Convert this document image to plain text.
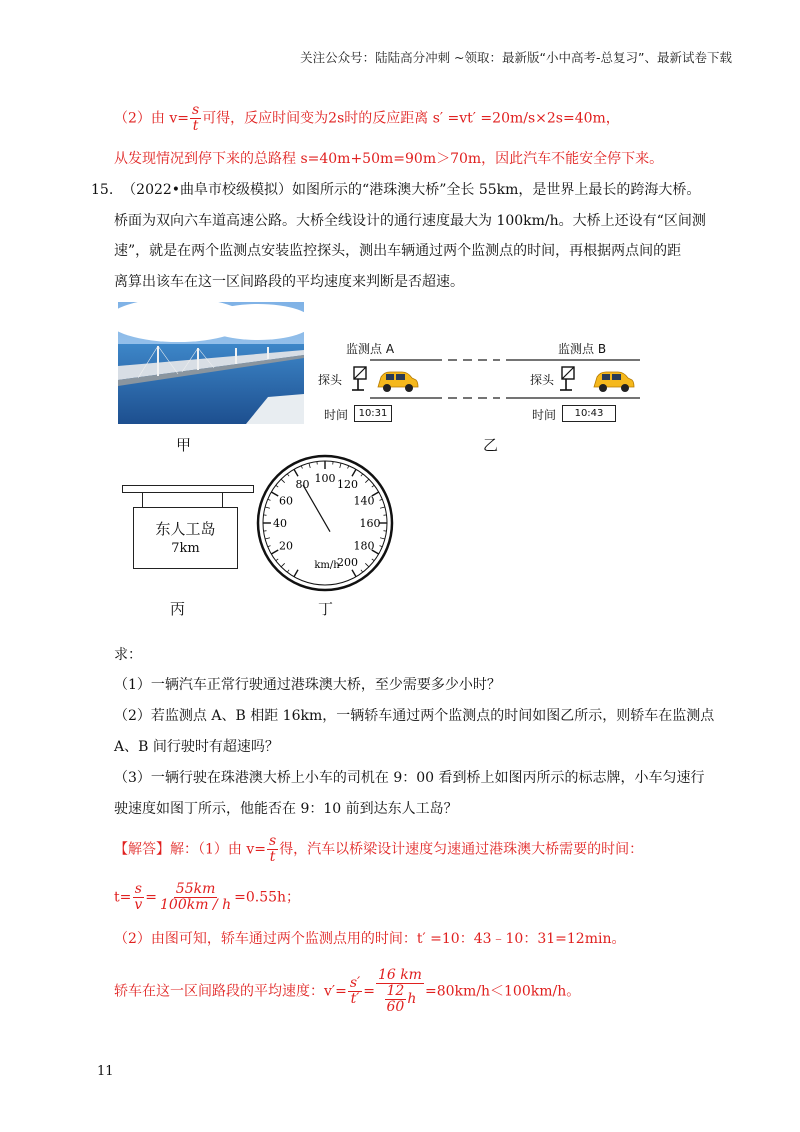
关注公众号：陆陆高分冲刺 ~领取：最新版“小中高考-总复习”、最新试卷下载
（2）由 $v= \frac{s}{t}$ 可得，反应时间变为2s时的反应距离 s′ =vt′ =20m/s×2s=40m，
从发现情况到停下来的总路程 s=40m+50m=90m＞70m，因此汽车不能安全停下来。
15. （2022•曲阜市校级模拟）如图所示的“港珠澳大桥”全长 55km，是世界上最长的跨海大桥。
桥面为双向六车道高速公路。大桥全线设计的通行速度最大为 100km/h。大桥上还设有“区间测
速”，就是在两个监测点安装监控探头，测出车辆通过两个监测点的时间，再根据两点间的距
离算出该车在这一区间路段的平均速度来判断是否超速。
甲
监测点 A	监测点 B
探头	探头
时间	10:31	时间	10:43
乙
东人工岛
7km
丙
20
40
60
80 100 120
140
160
180
200
km/h
丁
求：
（1）一辆汽车正常行驶通过港珠澳大桥，至少需要多少小时？
（2）若监测点 A、B 相距 16km，一辆轿车通过两个监测点的时间如图乙所示，则轿车在监测点
A、B 间行驶时有超速吗？
（3）一辆行驶在珠港澳大桥上小车的司机在 9：00 看到桥上如图丙所示的标志牌，小车匀速行
驶速度如图丁所示，他能否在 9：10 前到达东人工岛？
【解答】解：（1）由 $v= \frac{s}{t}$ 得，汽车以桥梁设计速度匀速通过港珠澳大桥需要的时间：
$t= \frac{s}{v} = \frac{55km}{100km / h} =0.55h$；
（2）由图可知，轿车通过两个监测点用的时间：t′ =10：43﹣10：31=12min。
轿车在这一区间路段的平均速度：$v'= \frac{s'}{t'} = \frac{16 km}{\frac{12}{60} h} =80km/h<100km/h$。
11
